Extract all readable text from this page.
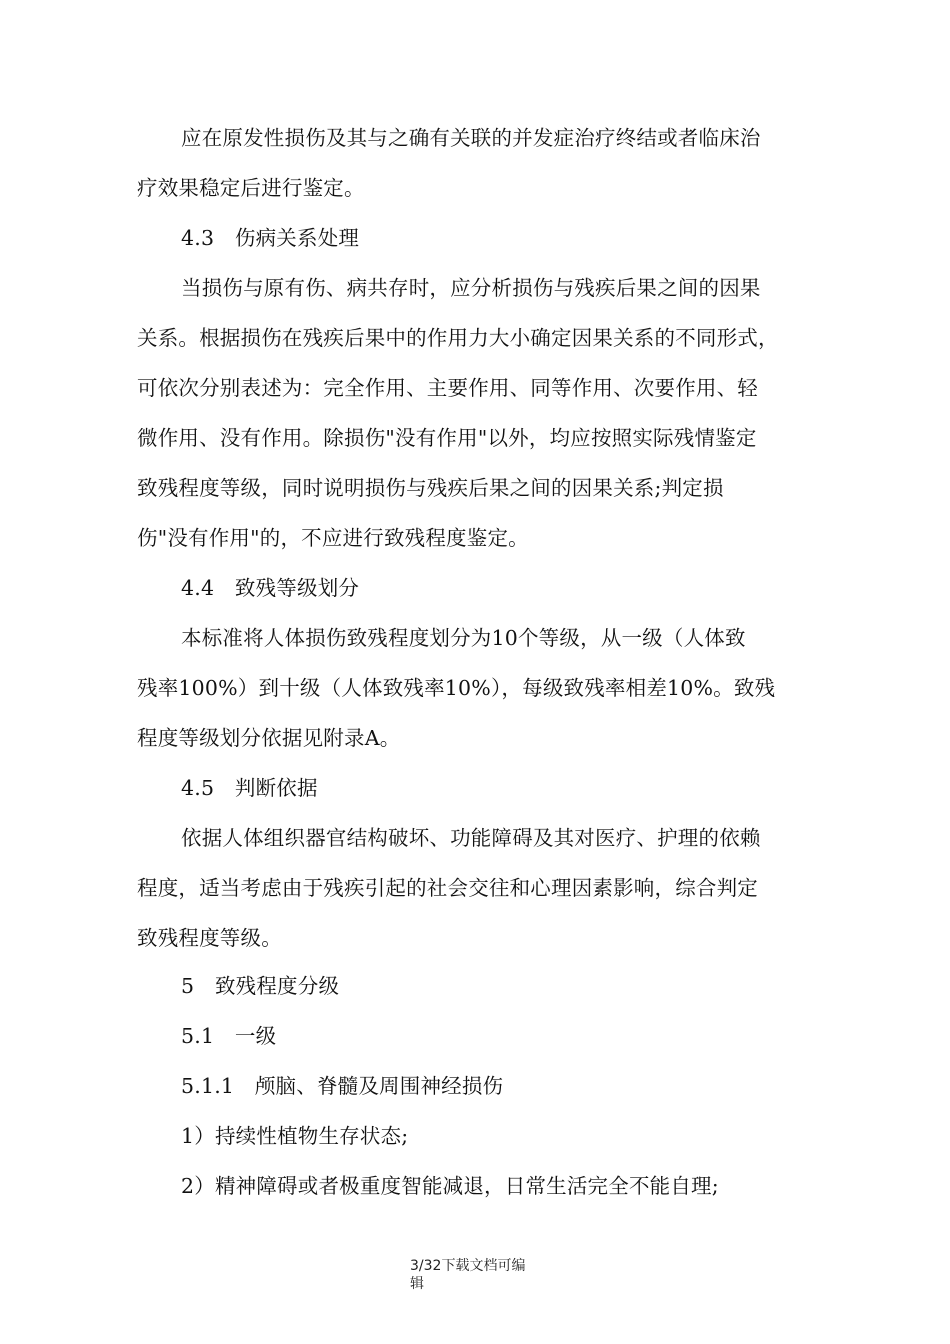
应在原发性损伤及其与之确有关联的并发症治疗终结或者临床治
疗效果稳定后进行鉴定。
4.3　伤病关系处理
当损伤与原有伤、病共存时，应分析损伤与残疾后果之间的因果
关系。根据损伤在残疾后果中的作用力大小确定因果关系的不同形式，
可依次分别表述为：完全作用、主要作用、同等作用、次要作用、轻
微作用、没有作用。除损伤"没有作用"以外，均应按照实际残情鉴定
致残程度等级，同时说明损伤与残疾后果之间的因果关系;判定损
伤"没有作用"的，不应进行致残程度鉴定。
4.4　致残等级划分
本标准将人体损伤致残程度划分为10个等级，从一级（人体致
残率100%）到十级（人体致残率10%），每级致残率相差10%。致残
程度等级划分依据见附录A。
4.5　判断依据
依据人体组织器官结构破坏、功能障碍及其对医疗、护理的依赖
程度，适当考虑由于残疾引起的社会交往和心理因素影响，综合判定
致残程度等级。
5　致残程度分级
5.1　一级
5.1.1　颅脑、脊髓及周围神经损伤
1）持续性植物生存状态;
2）精神障碍或者极重度智能减退，日常生活完全不能自理;
3/32下载文档可编
辑
